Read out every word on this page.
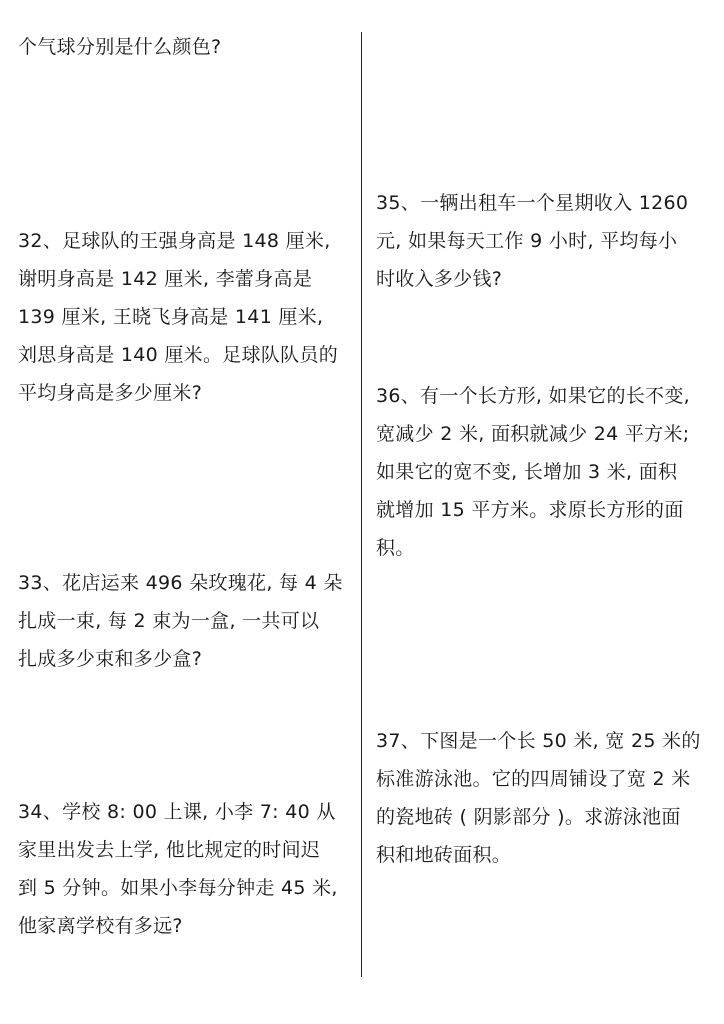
个气球分别是什么颜色?
32、足球队的王强身高是 148 厘米,
谢明身高是 142 厘米, 李蕾身高是
139 厘米, 王晓飞身高是 141 厘米,
刘思身高是 140 厘米。足球队队员的
平均身高是多少厘米?
33、花店运来 496 朵玫瑰花, 每 4 朵
扎成一束, 每 2 束为一盒, 一共可以
扎成多少束和多少盒?
34、学校 8: 00 上课, 小李 7: 40 从
家里出发去上学, 他比规定的时间迟
到 5 分钟。如果小李每分钟走 45 米,
他家离学校有多远?
35、一辆出租车一个星期收入 1260
元, 如果每天工作 9 小时, 平均每小
时收入多少钱?
36、有一个长方形, 如果它的长不变,
宽减少 2 米, 面积就减少 24 平方米;
如果它的宽不变, 长增加 3 米, 面积
就增加 15 平方米。求原长方形的面
积。
37、下图是一个长 50 米, 宽 25 米的
标准游泳池。它的四周铺设了宽 2 米
的瓷地砖 ( 阴影部分 )。求游泳池面
积和地砖面积。
